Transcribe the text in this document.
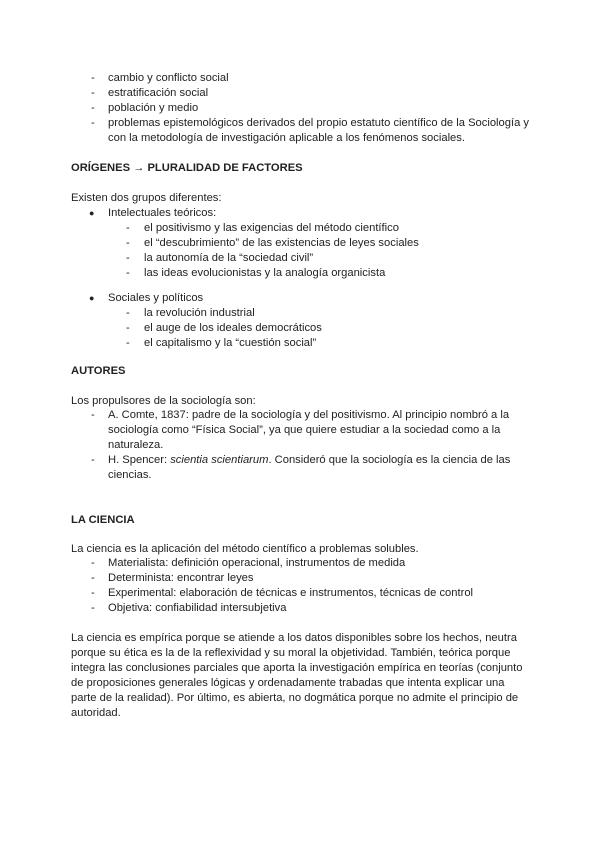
- cambio y conflicto social
- estratificación social
- población y medio
- problemas epistemológicos derivados del propio estatuto científico de la Sociología y con la metodología de investigación aplicable a los fenómenos sociales.
ORÍGENES → PLURALIDAD DE FACTORES

Existen dos grupos diferentes:

● Intelectuales teóricos:
- el positivismo y las exigencias del método científico
- el “descubrimiento” de las existencias de leyes sociales
- la autonomía de la “sociedad civil”
- las ideas evolucionistas y la analogía organicista
● Sociales y políticos
- la revolución industrial
- el auge de los ideales democráticos
- el capitalismo y la “cuestión social”
AUTORES

Los propulsores de la sociología son:

- A. Comte, 1837: padre de la sociología y del positivismo. Al principio nombró a la sociología como “Física Social”, ya que quiere estudiar a la sociedad como a la naturaleza.
- H. Spencer: scientia scientiarum. Consideró que la sociología es la ciencia de las ciencias.
LA CIENCIA

La ciencia es la aplicación del método científico a problemas solubles.

- Materialista: definición operacional, instrumentos de medida
- Determinista: encontrar leyes
- Experimental: elaboración de técnicas e instrumentos, técnicas de control
- Objetiva: confiabilidad intersubjetiva

La ciencia es empírica porque se atiende a los datos disponibles sobre los hechos, neutra porque su ética es la de la reflexividad y su moral la objetividad. También, teórica porque integra las conclusiones parciales que aporta la investigación empírica en teorías (conjunto de proposiciones generales lógicas y ordenadamente trabadas que intenta explicar una parte de la realidad). Por último, es abierta, no dogmática porque no admite el principio de autoridad.
